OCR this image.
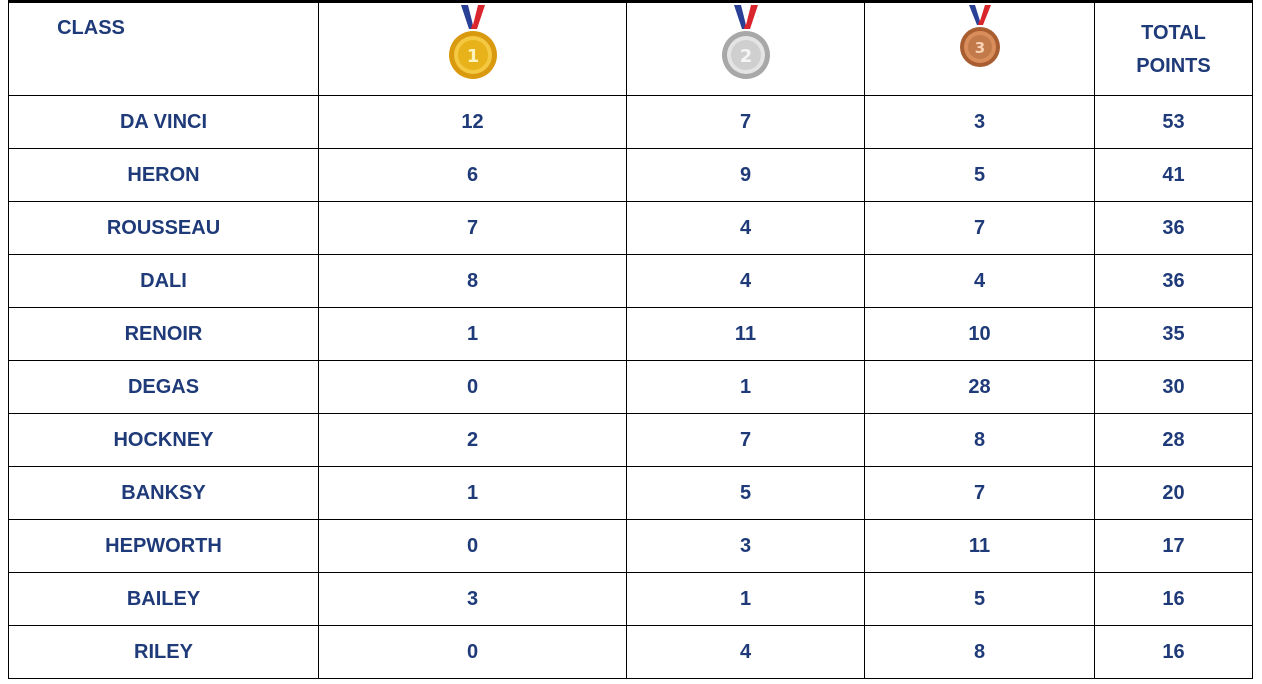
CLASS	1	2	3	TOTAL
POINTS

DA VINCI	12	7	3	53
HERON	6	9	5	41
ROUSSEAU	7	4	7	36
DALI	8	4	4	36
RENOIR	1	11	10	35
DEGAS	0	1	28	30
HOCKNEY	2	7	8	28
BANKSY	1	5	7	20
HEPWORTH	0	3	11	17
BAILEY	3	1	5	16
RILEY	0	4	8	16
